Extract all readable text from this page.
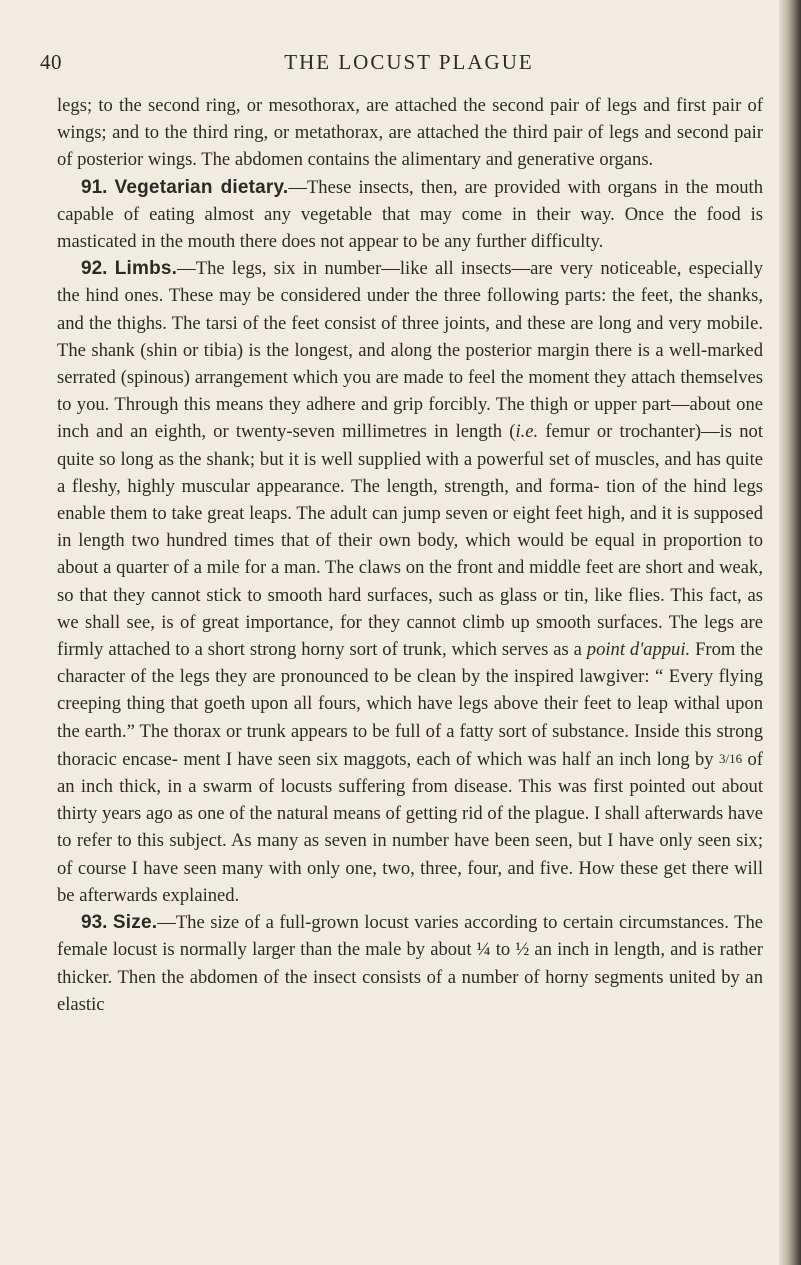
40	THE LOCUST PLAGUE

legs; to the second ring, or mesothorax, are attached the second pair of legs and first pair of wings; and to the third ring, or metathorax, are attached the third pair of legs and second pair of posterior wings. The abdomen contains the alimentary and generative organs.

91. Vegetarian dietary.—These insects, then, are provided with organs in the mouth capable of eating almost any vegetable that may come in their way. Once the food is masticated in the mouth there does not appear to be any further difficulty.

92. Limbs.—The legs, six in number—like all insects—are very noticeable, especially the hind ones. These may be considered under the three following parts: the feet, the shanks, and the thighs. The tarsi of the feet consist of three joints, and these are long and very mobile. The shank (shin or tibia) is the longest, and along the posterior margin there is a well-marked serrated (spinous) arrangement which you are made to feel the moment they attach themselves to you. Through this means they adhere and grip forcibly. The thigh or upper part—about one inch and an eighth, or twenty-seven millimetres in length (i.e. femur or trochanter)—is not quite so long as the shank; but it is well supplied with a powerful set of muscles, and has quite a fleshy, highly muscular appearance. The length, strength, and forma- tion of the hind legs enable them to take great leaps. The adult can jump seven or eight feet high, and it is supposed in length two hundred times that of their own body, which would be equal in proportion to about a quarter of a mile for a man. The claws on the front and middle feet are short and weak, so that they cannot stick to smooth hard surfaces, such as glass or tin, like flies. This fact, as we shall see, is of great importance, for they cannot climb up smooth surfaces. The legs are firmly attached to a short strong horny sort of trunk, which serves as a point d'appui. From the character of the legs they are pronounced to be clean by the inspired lawgiver: “ Every flying creeping thing that goeth upon all fours, which have legs above their feet to leap withal upon the earth.” The thorax or trunk appears to be full of a fatty sort of substance. Inside this strong thoracic encase- ment I have seen six maggots, each of which was half an inch long by 3/16 of an inch thick, in a swarm of locusts suffering from disease. This was first pointed out about thirty years ago as one of the natural means of getting rid of the plague. I shall afterwards have to refer to this subject. As many as seven in number have been seen, but I have only seen six; of course I have seen many with only one, two, three, four, and five. How these get there will be afterwards explained.

93. Size.—The size of a full-grown locust varies according to certain circumstances. The female locust is normally larger than the male by about ¼ to ½ an inch in length, and is rather thicker. Then the abdomen of the insect consists of a number of horny segments united by an elastic
